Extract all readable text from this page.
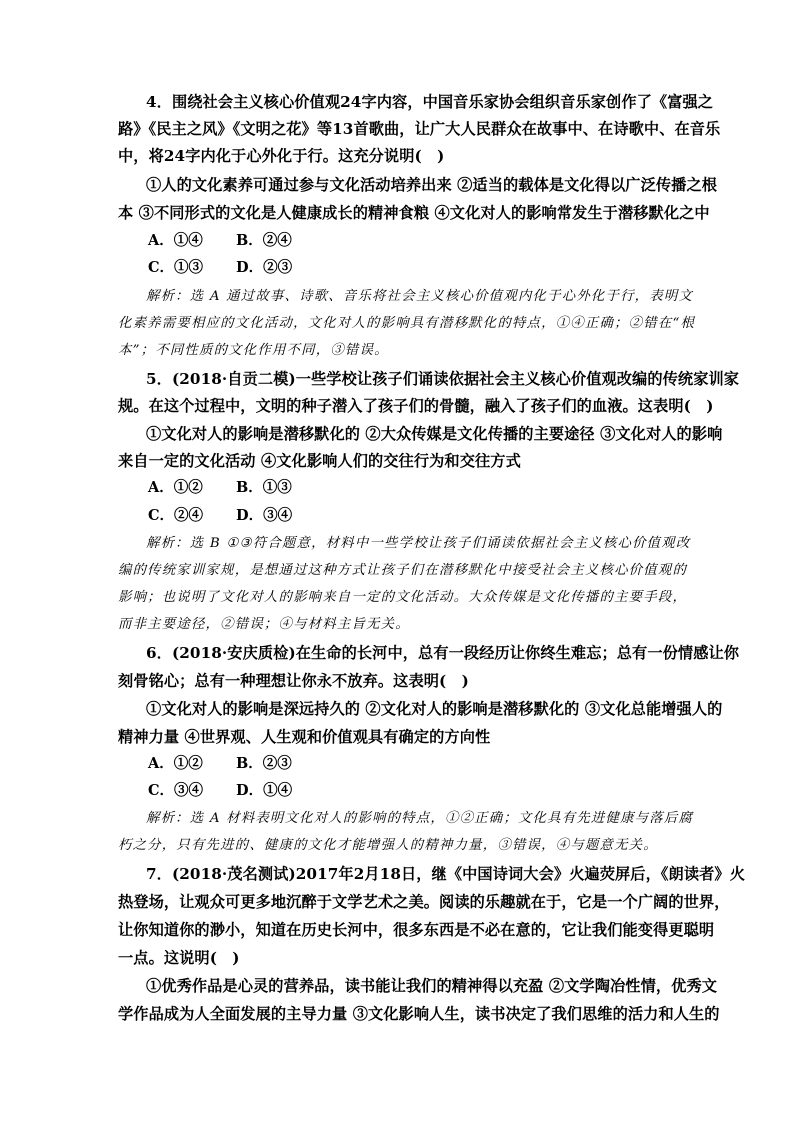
4．围绕社会主义核心价值观24字内容，中国音乐家协会组织音乐家创作了《富强之
路》《民主之风》《文明之花》等13首歌曲，让广大人民群众在故事中、在诗歌中、在音乐
中，将24字内化于心外化于行。这充分说明(　)
①人的文化素养可通过参与文化活动培养出来 ②适当的载体是文化得以广泛传播之根
本 ③不同形式的文化是人健康成长的精神食粮 ④文化对人的影响常发生于潜移默化之中
A．①④ B．②④
C．①③ D．②③
解析：选 A 通过故事、诗歌、音乐将社会主义核心价值观内化于心外化于行，表明文
化素养需要相应的文化活动，文化对人的影响具有潜移默化的特点，①④正确；②错在“根
本”；不同性质的文化作用不同，③错误。
5．(2018·自贡二模)一些学校让孩子们诵读依据社会主义核心价值观改编的传统家训家
规。在这个过程中，文明的种子潜入了孩子们的骨髓，融入了孩子们的血液。这表明(　)
①文化对人的影响是潜移默化的 ②大众传媒是文化传播的主要途径 ③文化对人的影响
来自一定的文化活动 ④文化影响人们的交往行为和交往方式
A．①② B．①③
C．②④ D．③④
解析：选 B ①③符合题意，材料中一些学校让孩子们诵读依据社会主义核心价值观改
编的传统家训家规，是想通过这种方式让孩子们在潜移默化中接受社会主义核心价值观的
影响；也说明了文化对人的影响来自一定的文化活动。大众传媒是文化传播的主要手段，
而非主要途径，②错误；④与材料主旨无关。
6．(2018·安庆质检)在生命的长河中，总有一段经历让你终生难忘；总有一份情感让你
刻骨铭心；总有一种理想让你永不放弃。这表明(　)
①文化对人的影响是深远持久的 ②文化对人的影响是潜移默化的 ③文化总能增强人的
精神力量 ④世界观、人生观和价值观具有确定的方向性
A．①② B．②③
C．③④ D．①④
解析：选 A 材料表明文化对人的影响的特点，①②正确；文化具有先进健康与落后腐
朽之分，只有先进的、健康的文化才能增强人的精神力量，③错误，④与题意无关。
7．(2018·茂名测试)2017年2月18日，继《中国诗词大会》火遍荧屏后，《朗读者》火
热登场，让观众可更多地沉醉于文学艺术之美。阅读的乐趣就在于，它是一个广阔的世界，
让你知道你的渺小，知道在历史长河中，很多东西是不必在意的，它让我们能变得更聪明
一点。这说明(　)
①优秀作品是心灵的营养品，读书能让我们的精神得以充盈 ②文学陶冶性情，优秀文
学作品成为人全面发展的主导力量 ③文化影响人生，读书决定了我们思维的活力和人生的
